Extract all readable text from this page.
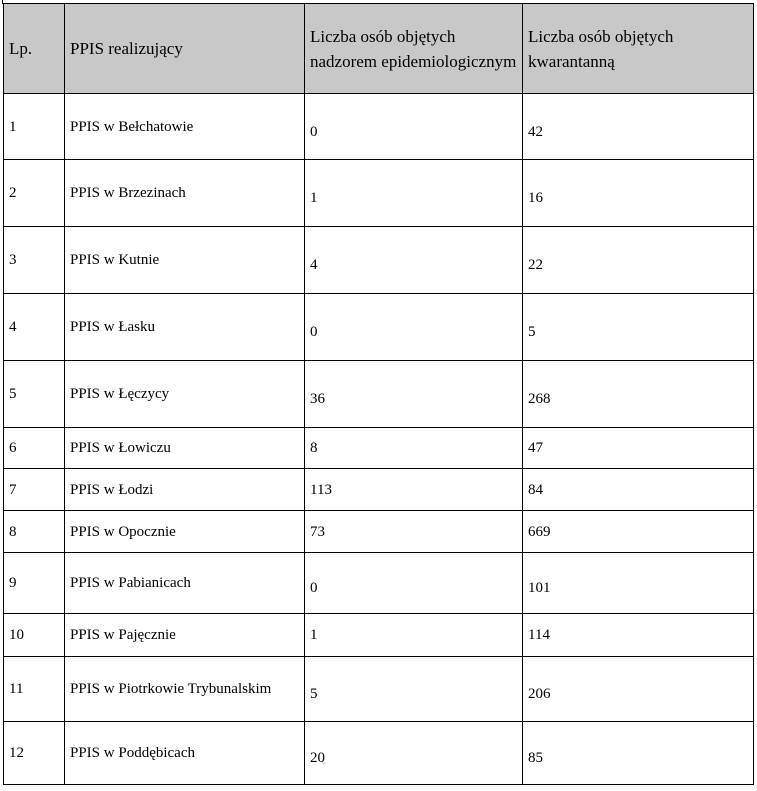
Lp.	PPIS realizujący	Liczba osób objętych nadzorem epidemiologicznym	Liczba osób objętych kwarantanną
1	PPIS w Bełchatowie	0	42
2	PPIS w Brzezinach	1	16
3	PPIS w Kutnie	4	22
4	PPIS w Łasku	0	5
5	PPIS w Łęczycy	36	268
6	PPIS w Łowiczu	8	47
7	PPIS w Łodzi	113	84
8	PPIS w Opocznie	73	669
9	PPIS w Pabianicach	0	101
10	PPIS w Pajęcznie	1	114
11	PPIS w Piotrkowie Trybunalskim	5	206
12	PPIS w Poddębicach	20	85
